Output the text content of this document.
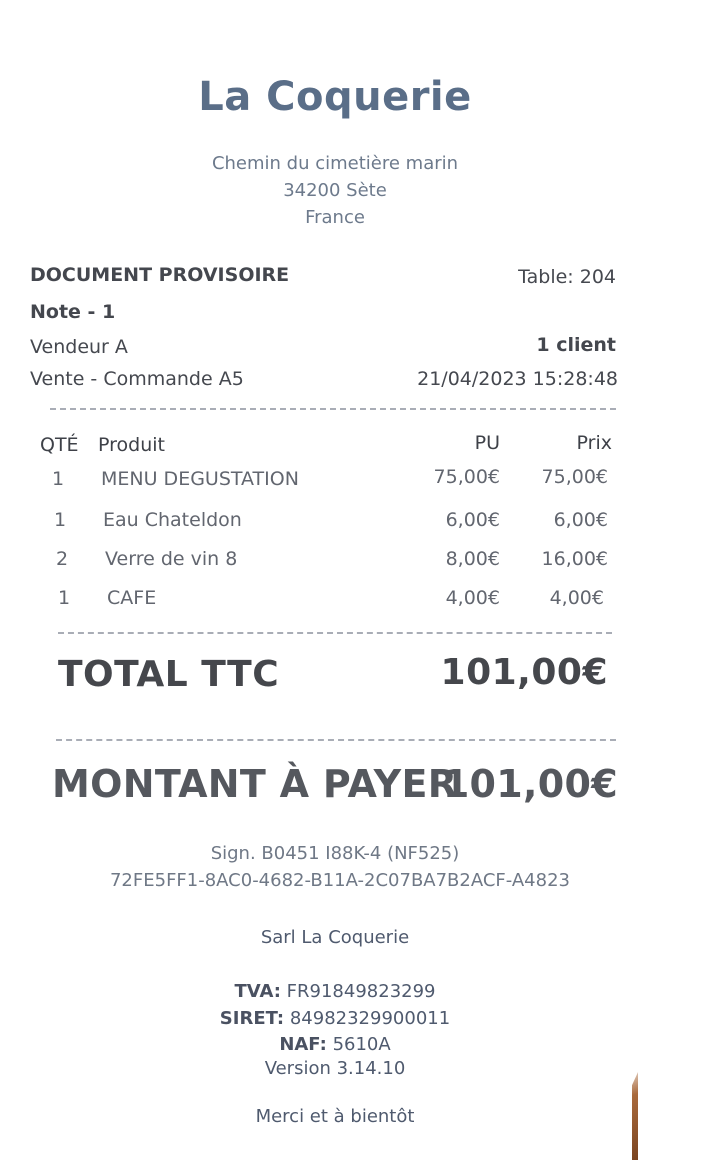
La Coquerie
Chemin du cimetière marin
34200 Sète
France
DOCUMENT PROVISOIRE	Table: 204
Note - 1
Vendeur A	1 client
Vente - Commande A5	21/04/2023 15:28:48
QTÉ Produit	PU	Prix
1 MENU DEGUSTATION	75,00€ 75,00€
1 Eau Chateldon	6,00€	6,00€
2 Verre de vin 8	8,00€ 16,00€
1 CAFE	4,00€	4,00€
TOTAL TTC	101,00€
MONTANT À PAYER
101,00€
Sign. B0451 I88K-4 (NF525)
72FE5FF1-8AC0-4682-B11A-2C07BA7B2ACF-A4823
Sarl La Coquerie
TVA: FR91849823299
SIRET: 84982329900011
NAF: 5610A
Version 3.14.10
Merci et à bientôt
